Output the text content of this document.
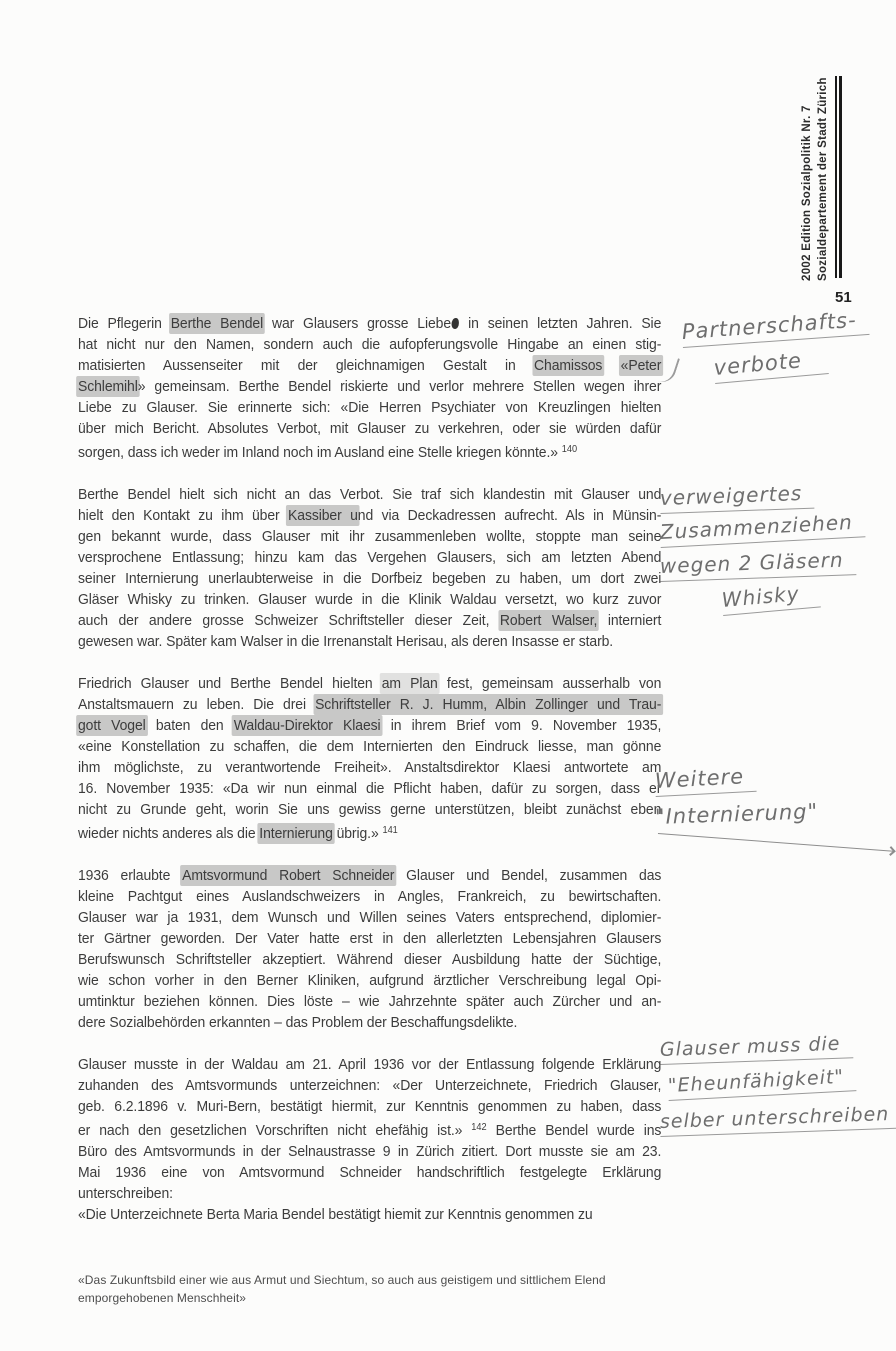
2002 Edition Sozialpolitik Nr. 7 Sozialdepartement der Stadt Zürich
51
Die Pflegerin Berthe Bendel war Glausers grosse Liebe in seinen letzten Jahren. Sie
hat nicht nur den Namen, sondern auch die aufopferungsvolle Hingabe an einen stig-
matisierten Aussenseiter mit der gleichnamigen Gestalt in Chamissos «Peter
Schlemihl» gemeinsam. Berthe Bendel riskierte und verlor mehrere Stellen wegen ihrer
Liebe zu Glauser. Sie erinnerte sich: «Die Herren Psychiater von Kreuzlingen hielten
über mich Bericht. Absolutes Verbot, mit Glauser zu verkehren, oder sie würden dafür
sorgen, dass ich weder im Inland noch im Ausland eine Stelle kriegen könnte.» $^{140}$
Berthe Bendel hielt sich nicht an das Verbot. Sie traf sich klandestin mit Glauser und
hielt den Kontakt zu ihm über Kassiber und via Deckadressen aufrecht. Als in Münsin-
gen bekannt wurde, dass Glauser mit ihr zusammenleben wollte, stoppte man seine
versprochene Entlassung; hinzu kam das Vergehen Glausers, sich am letzten Abend
seiner Internierung unerlaubterweise in die Dorfbeiz begeben zu haben, um dort zwei
Gläser Whisky zu trinken. Glauser wurde in die Klinik Waldau versetzt, wo kurz zuvor
auch der andere grosse Schweizer Schriftsteller dieser Zeit, Robert Walser, interniert
gewesen war. Später kam Walser in die Irrenanstalt Herisau, als deren Insasse er starb.
Friedrich Glauser und Berthe Bendel hielten am Plan fest, gemeinsam ausserhalb von
Anstaltsmauern zu leben. Die drei Schriftsteller R. J. Humm, Albin Zollinger und Trau-
gott Vogel baten den Waldau-Direktor Klaesi in ihrem Brief vom 9. November 1935,
«eine Konstellation zu schaffen, die dem Internierten den Eindruck liesse, man gönne
ihm möglichste, zu verantwortende Freiheit». Anstaltsdirektor Klaesi antwortete am
16. November 1935: «Da wir nun einmal die Pflicht haben, dafür zu sorgen, dass er
nicht zu Grunde geht, worin Sie uns gewiss gerne unterstützen, bleibt zunächst eben
wieder nichts anderes als die Internierung übrig.» $^{141}$
1936 erlaubte Amtsvormund Robert Schneider Glauser und Bendel, zusammen das
kleine Pachtgut eines Auslandschweizers in Angles, Frankreich, zu bewirtschaften.
Glauser war ja 1931, dem Wunsch und Willen seines Vaters entsprechend, diplomier-
ter Gärtner geworden. Der Vater hatte erst in den allerletzten Lebensjahren Glausers
Berufswunsch Schriftsteller akzeptiert. Während dieser Ausbildung hatte der Süchtige,
wie schon vorher in den Berner Kliniken, aufgrund ärztlicher Verschreibung legal Opi-
umtinktur beziehen können. Dies löste – wie Jahrzehnte später auch Zürcher und an-
dere Sozialbehörden erkannten – das Problem der Beschaffungsdelikte.
Glauser musste in der Waldau am 21. April 1936 vor der Entlassung folgende Erklärung
zuhanden des Amtsvormunds unterzeichnen: «Der Unterzeichnete, Friedrich Glauser,
geb. 6.2.1896 v. Muri-Bern, bestätigt hiermit, zur Kenntnis genommen zu haben, dass
er nach den gesetzlichen Vorschriften nicht ehefähig ist.» $^{142}$ Berthe Bendel wurde ins
Büro des Amtsvormunds in der Selnaustrasse 9 in Zürich zitiert. Dort musste sie am 23.
Mai 1936 eine von Amtsvormund Schneider handschriftlich festgelegte Erklärung
unterschreiben:
«Die Unterzeichnete Berta Maria Bendel bestätigt hiemit zur Kenntnis genommen zu
Partnerschafts-
verbote
verweigertes
Zusammenziehen
wegen 2 Gläsern
Whisky
Weitere
"Internierung"
Glauser muss die
"Eheunfähigkeit"
selber unterschreiben
«Das Zukunftsbild einer wie aus Armut und Siechtum, so auch aus geistigem und sittlichem Elend emporgehobenen Menschheit»
